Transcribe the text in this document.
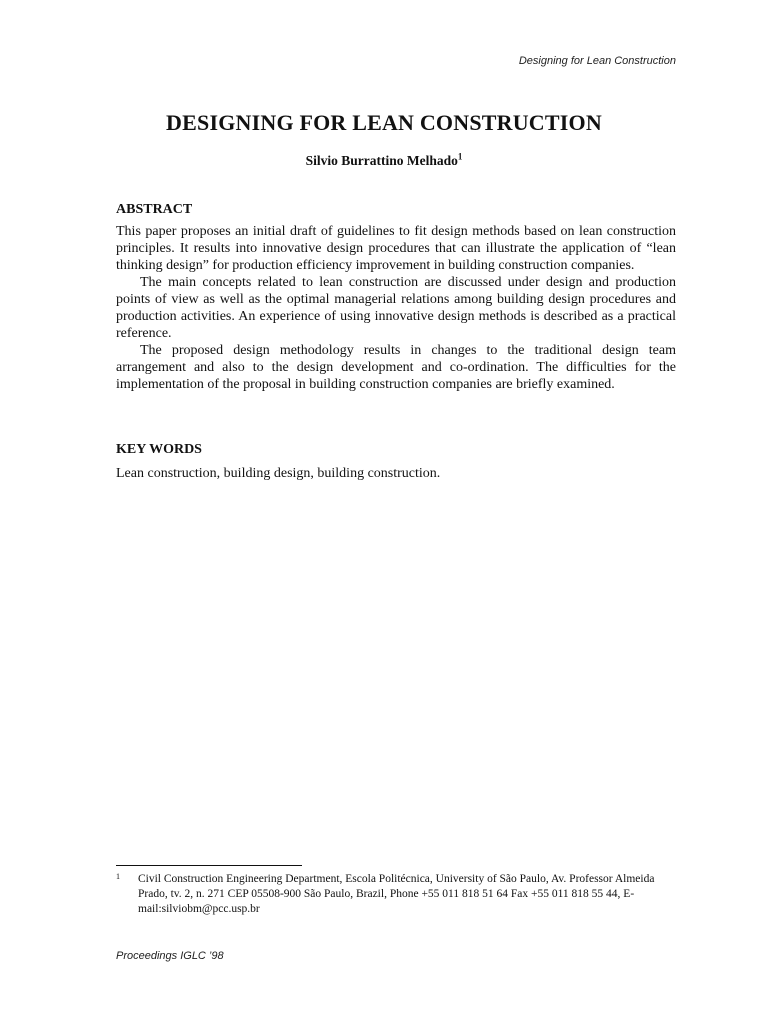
Designing for Lean Construction
DESIGNING FOR LEAN CONSTRUCTION
Silvio Burrattino Melhado$^1$
ABSTRACT

This paper proposes an initial draft of guidelines to fit design methods based on lean construction principles. It results into innovative design procedures that can illustrate the application of “lean thinking design” for production efficiency improvement in building construction companies.

The main concepts related to lean construction are discussed under design and production points of view as well as the optimal managerial relations among building design procedures and production activities. An experience of using innovative design methods is described as a practical reference.

The proposed design methodology results in changes to the traditional design team arrangement and also to the design development and co-ordination. The difficulties for the implementation of the proposal in building construction companies are briefly examined.

KEY WORDS
Lean construction, building design, building construction.
1 Civil Construction Engineering Department, Escola Politécnica, University of São Paulo, Av. Professor Almeida Prado, tv. 2, n. 271 CEP 05508-900 São Paulo, Brazil, Phone +55 011 818 51 64 Fax +55 011 818 55 44, E-mail:silviobm@pcc.usp.br
Proceedings IGLC ’98
